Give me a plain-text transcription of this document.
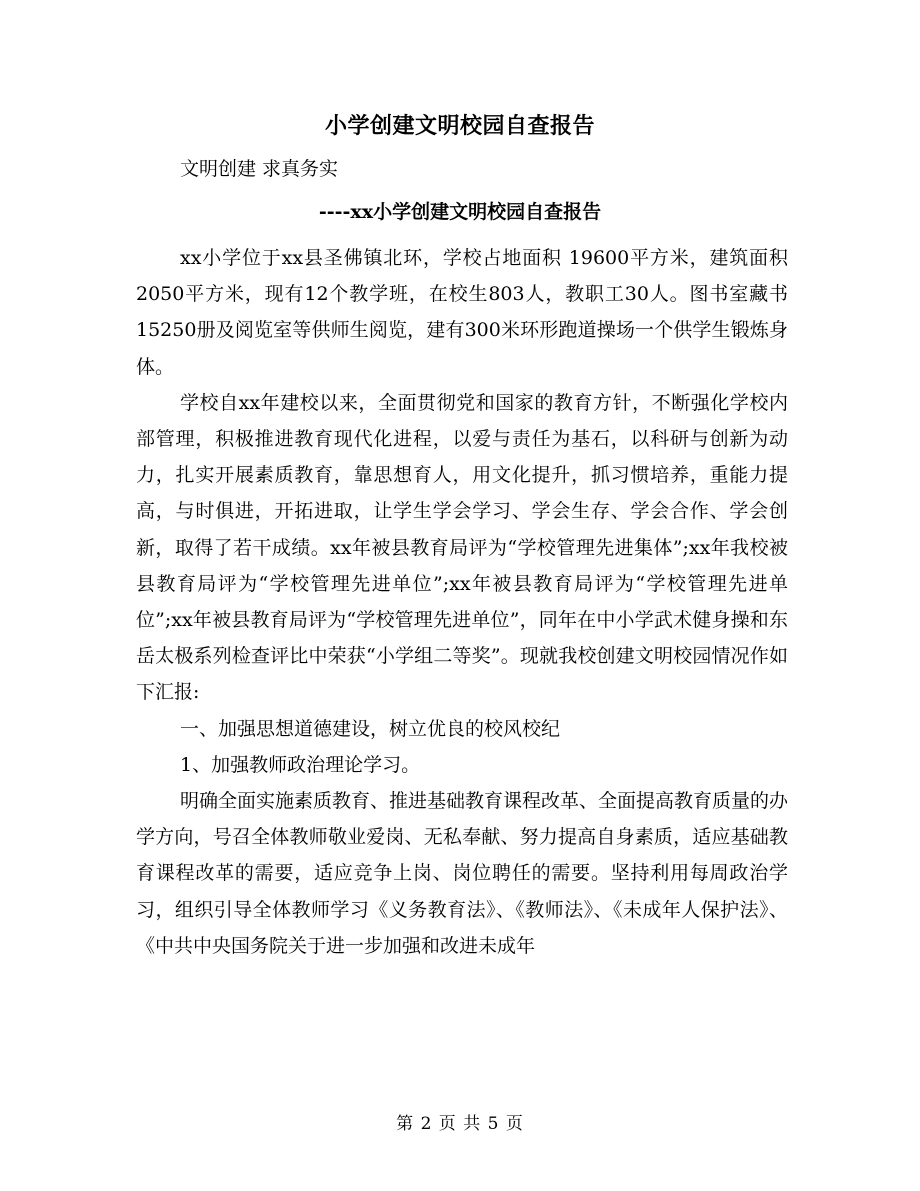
小学创建文明校园自查报告
文明创建 求真务实
----xx小学创建文明校园自查报告

xx小学位于xx县圣佛镇北环，学校占地面积 19600平方米，建筑面积2050平方米，现有12个教学班，在校生803人，教职工30人。图书室藏书15250册及阅览室等供师生阅览，建有300米环形跑道操场一个供学生锻炼身体。

学校自xx年建校以来，全面贯彻党和国家的教育方针，不断强化学校内部管理，积极推进教育现代化进程，以爱与责任为基石，以科研与创新为动力，扎实开展素质教育，靠思想育人，用文化提升，抓习惯培养，重能力提高，与时俱进，开拓进取，让学生学会学习、学会生存、学会合作、学会创新，取得了若干成绩。xx年被县教育局评为“学校管理先进集体”;xx年我校被县教育局评为“学校管理先进单位”;xx年被县教育局评为“学校管理先进单位”;xx年被县教育局评为“学校管理先进单位”，同年在中小学武术健身操和东岳太极系列检查评比中荣获“小学组二等奖”。现就我校创建文明校园情况作如下汇报:

一、加强思想道德建设，树立优良的校风校纪

1、加强教师政治理论学习。

明确全面实施素质教育、推进基础教育课程改革、全面提高教育质量的办学方向，号召全体教师敬业爱岗、无私奉献、努力提高自身素质，适应基础教育课程改革的需要，适应竞争上岗、岗位聘任的需要。坚持利用每周政治学习，组织引导全体教师学习《义务教育法》、《教师法》、《未成年人保护法》、《中共中央国务院关于进一步加强和改进未成年

第 2 页 共 5 页
